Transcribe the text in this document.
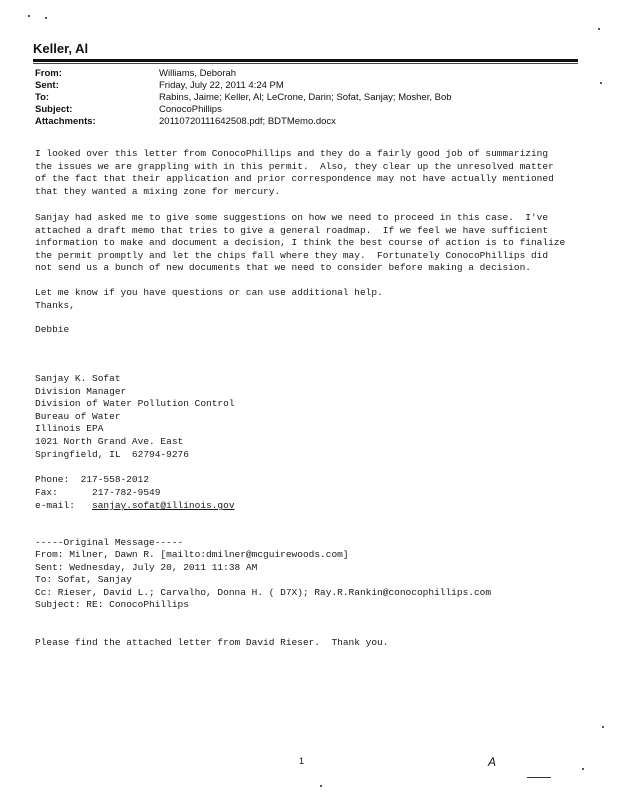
Keller, Al
From:	Williams, Deborah
Sent:	Friday, July 22, 2011 4:24 PM
To:	Rabins, Jaime; Keller, Al; LeCrone, Darin; Sofat, Sanjay; Mosher, Bob
Subject:	ConocoPhillips
Attachments:	20110720111642508.pdf; BDTMemo.docx
I looked over this letter from ConocoPhillips and they do a fairly good job of summarizing
the issues we are grappling with in this permit.  Also, they clear up the unresolved matter
of the fact that their application and prior correspondence may not have actually mentioned
that they wanted a mixing zone for mercury.
Sanjay had asked me to give some suggestions on how we need to proceed in this case.  I've
attached a draft memo that tries to give a general roadmap.  If we feel we have sufficient
information to make and document a decision, I think the best course of action is to finalize
the permit promptly and let the chips fall where they may.  Fortunately ConocoPhillips did
not send us a bunch of new documents that we need to consider before making a decision.
Let me know if you have questions or can use additional help.
Thanks,
Debbie
Sanjay K. Sofat
Division Manager
Division of Water Pollution Control
Bureau of Water
Illinois EPA
1021 North Grand Ave. East
Springfield, IL  62794-9276
Phone:  217-558-2012
Fax:      217-782-9549
e-mail:   sanjay.sofat@illinois.gov
-----Original Message-----
From: Milner, Dawn R. [mailto:dmilner@mcguirewoods.com]
Sent: Wednesday, July 20, 2011 11:38 AM
To: Sofat, Sanjay
Cc: Rieser, David L.; Carvalho, Donna H. ( D7X); Ray.R.Rankin@conocophillips.com
Subject: RE: ConocoPhillips
Please find the attached letter from David Rieser.  Thank you.
1	A
